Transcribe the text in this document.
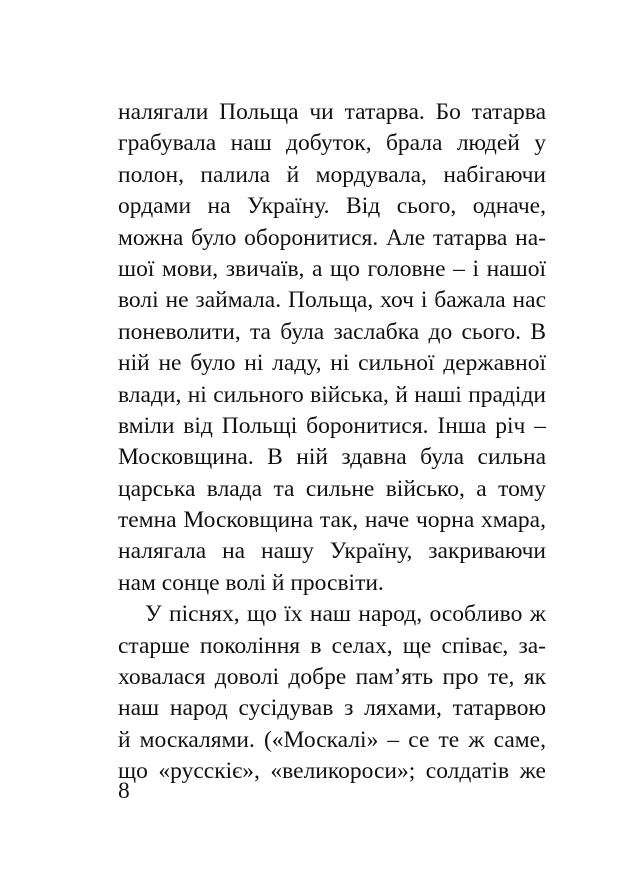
налягали Польща чи татарва. Бо татарва
грабувала наш добуток, брала людей у
полон, палила й мордувала, набігаючи
ордами на Україну. Від сього, одначе,
можна було оборонитися. Але татарва на-
шої мови, звичаїв, а що головне – і нашої
волі не займала. Польща, хоч і бажала нас
поневолити, та була заслабка до сього. В
ній не було ні ладу, ні сильної державної
влади, ні сильного війська, й наші прадіди
вміли від Польщі боронитися. Інша річ –
Московщина. В ній здавна була сильна
царська влада та сильне військо, а тому
темна Московщина так, наче чорна хмара,
налягала на нашу Україну, закриваючи
нам сонце волі й просвіти.
У піснях, що їх наш народ, особливо ж
старше покоління в селах, ще співає, за-
ховалася доволі добре пам’ять про те, як
наш народ сусідував з ляхами, татарвою
й москалями. («Москалі» – се те ж саме,
що «русскіє», «великороси»; солдатів же
8
